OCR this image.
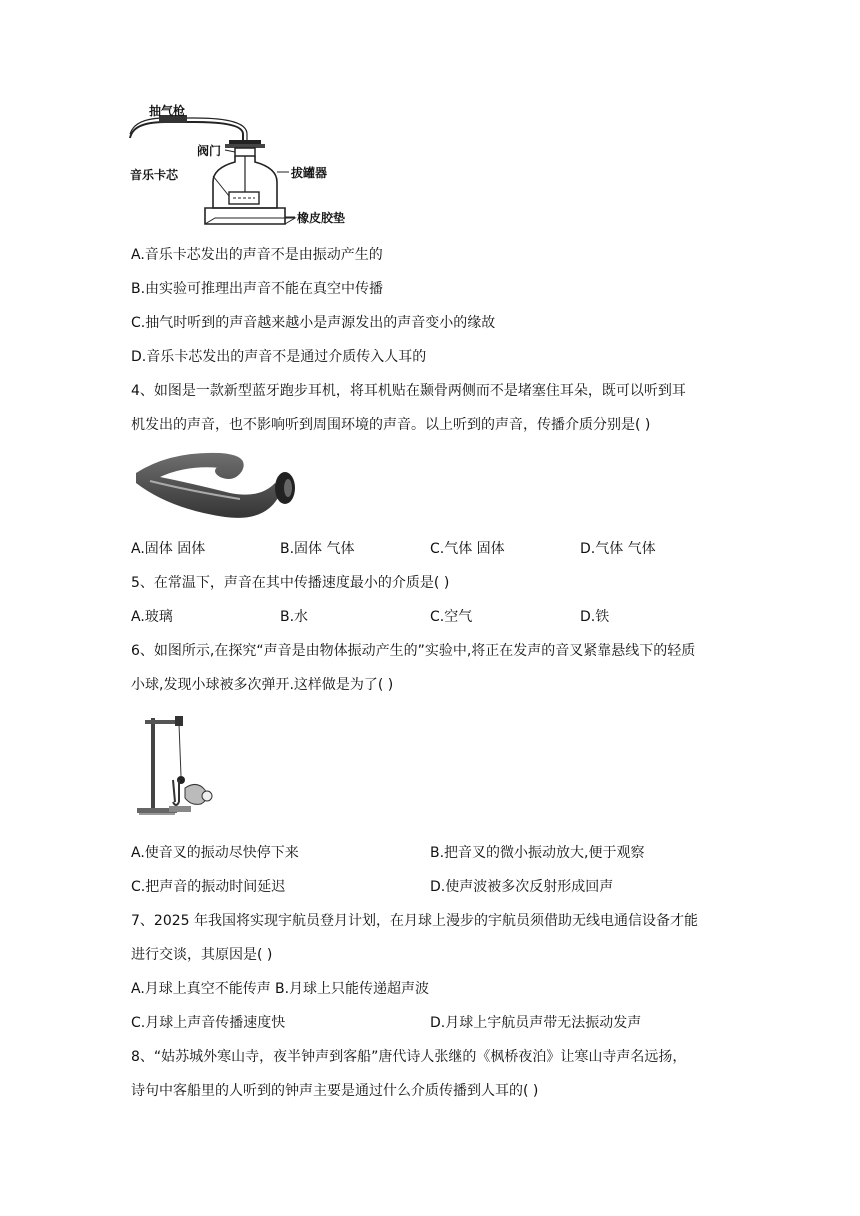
抽气枪
阀门
拔罐器
音乐卡芯
橡皮胶垫
A.音乐卡芯发出的声音不是由振动产生的
B.由实验可推理出声音不能在真空中传播
C.抽气时听到的声音越来越小是声源发出的声音变小的缘故
D.音乐卡芯发出的声音不是通过介质传入人耳的
4、如图是一款新型蓝牙跑步耳机，将耳机贴在颞骨两侧而不是堵塞住耳朵，既可以听到耳
机发出的声音，也不影响听到周围环境的声音。以上听到的声音，传播介质分别是( )
A.固体 固体	B.固体 气体	C.气体 固体	D.气体 气体
5、在常温下，声音在其中传播速度最小的介质是( )
A.玻璃	B.水	C.空气	D.铁
6、如图所示,在探究“声音是由物体振动产生的”实验中,将正在发声的音叉紧靠悬线下的轻质
小球,发现小球被多次弹开.这样做是为了( )
A.使音叉的振动尽快停下来	B.把音叉的微小振动放大,便于观察
C.把声音的振动时间延迟	D.使声波被多次反射形成回声
7、2025 年我国将实现宇航员登月计划，在月球上漫步的宇航员须借助无线电通信设备才能
进行交谈，其原因是( )
A.月球上真空不能传声 B.月球上只能传递超声波
C.月球上声音传播速度快	D.月球上宇航员声带无法振动发声
8、“姑苏城外寒山寺，夜半钟声到客船”唐代诗人张继的《枫桥夜泊》让寒山寺声名远扬，
诗句中客船里的人听到的钟声主要是通过什么介质传播到人耳的( )
